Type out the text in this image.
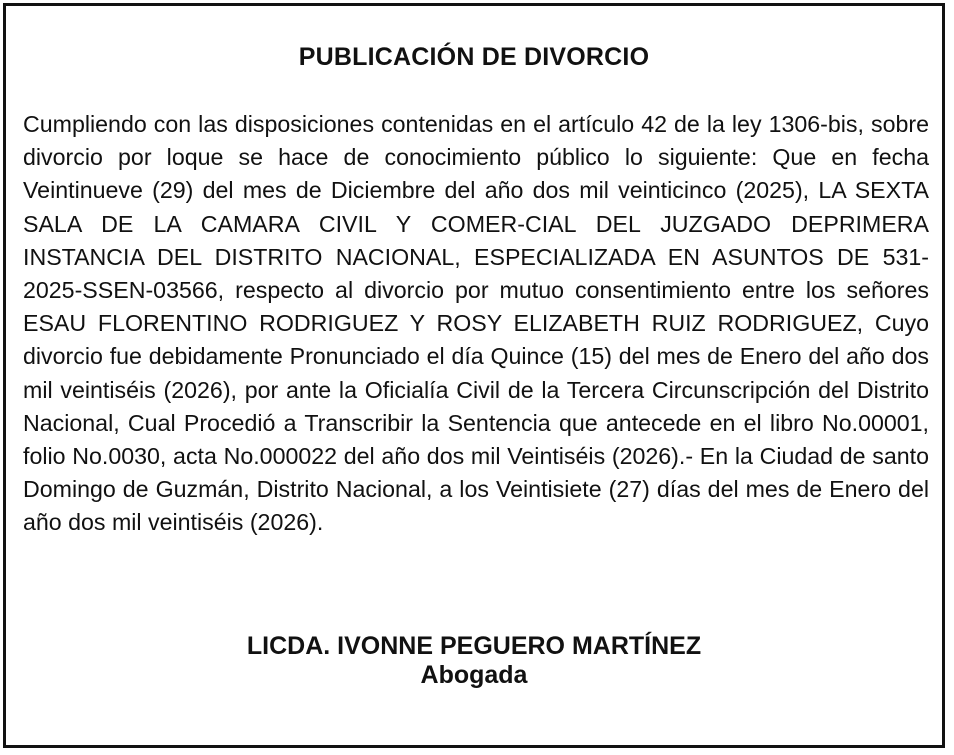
PUBLICACIÓN DE DIVORCIO

Cumpliendo con las disposiciones contenidas en el artículo 42 de la ley 1306-bis, sobre divorcio por loque se hace de conocimiento público lo siguiente: Que en fecha Veintinueve (29) del mes de Diciembre del año dos mil veinticinco (2025), LA SEXTA SALA DE LA CAMARA CIVIL Y COMER-CIAL DEL JUZGADO DEPRIMERA INSTANCIA DEL DISTRITO NACIONAL, ESPECIALIZADA EN ASUNTOS DE 531-2025-SSEN-03566, respecto al divorcio por mutuo consentimiento entre los señores ESAU FLORENTINO RODRIGUEZ Y ROSY ELIZABETH RUIZ RODRIGUEZ, Cuyo divorcio fue debidamente Pronunciado el día Quince (15) del mes de Enero del año dos mil veintiséis (2026), por ante la Oficialía Civil de la Tercera Circunscripción del Distrito Nacional, Cual Procedió a Transcribir la Sentencia que antecede en el libro No.00001, folio No.0030, acta No.000022 del año dos mil Veintiséis (2026).- En la Ciudad de santo Domingo de Guzmán, Distrito Nacional, a los Veintisiete (27) días del mes de Enero del año dos mil veintiséis (2026).

LICDA. IVONNE PEGUERO MARTÍNEZ
Abogada
